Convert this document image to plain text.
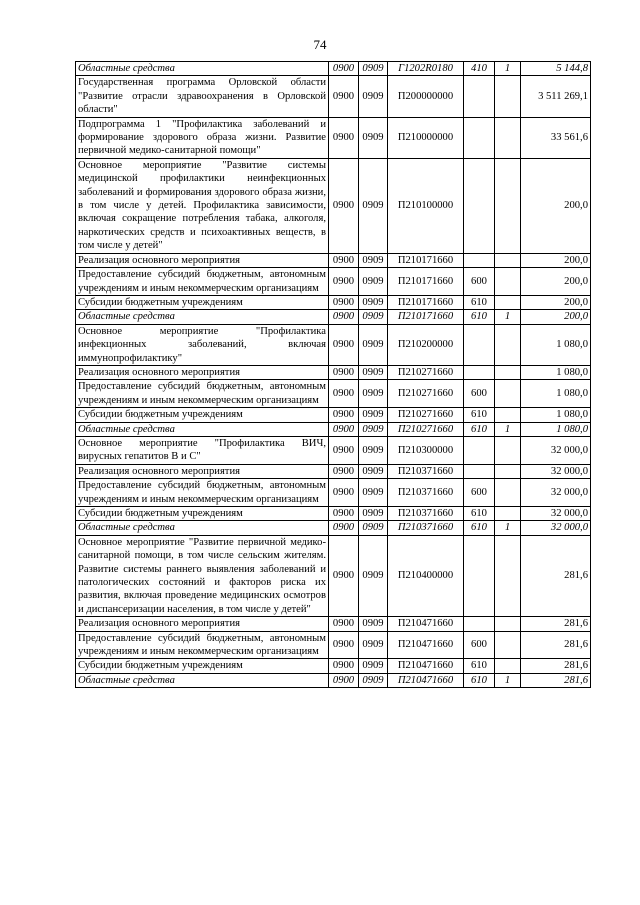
74
Областные средства	0900	0909	Г1202R0180	410	1	5 144,8
Государственная программа Орловской области "Развитие отрасли здравоохранения в Орловской области"	0900	0909	П200000000			3 511 269,1
Подпрограмма 1 "Профилактика заболеваний и формирование здорового образа жизни. Развитие первичной медико-санитарной помощи"	0900	0909	П210000000			33 561,6
Основное мероприятие "Развитие системы медицинской профилактики неинфекционных заболеваний и формирования здорового образа жизни, в том числе у детей. Профилактика зависимости, включая сокращение потребления табака, алкоголя, наркотических средств и психоактивных веществ, в том числе у детей"	0900	0909	П210100000			200,0
Реализация основного мероприятия	0900	0909	П210171660			200,0
Предоставление субсидий бюджетным, автономным учреждениям и иным некоммерческим организациям	0900	0909	П210171660	600		200,0
Субсидии бюджетным учреждениям	0900	0909	П210171660	610		200,0
Областные средства	0900	0909	П210171660	610	1	200,0
Основное мероприятие "Профилактика инфекционных заболеваний, включая иммунопрофилактику"	0900	0909	П210200000			1 080,0
Реализация основного мероприятия	0900	0909	П210271660			1 080,0
Предоставление субсидий бюджетным, автономным учреждениям и иным некоммерческим организациям	0900	0909	П210271660	600		1 080,0
Субсидии бюджетным учреждениям	0900	0909	П210271660	610		1 080,0
Областные средства	0900	0909	П210271660	610	1	1 080,0
Основное мероприятие "Профилактика ВИЧ, вирусных гепатитов В и С"	0900	0909	П210300000			32 000,0
Реализация основного мероприятия	0900	0909	П210371660			32 000,0
Предоставление субсидий бюджетным, автономным учреждениям и иным некоммерческим организациям	0900	0909	П210371660	600		32 000,0
Субсидии бюджетным учреждениям	0900	0909	П210371660	610		32 000,0
Областные средства	0900	0909	П210371660	610	1	32 000,0
Основное мероприятие "Развитие первичной медико-санитарной помощи, в том числе сельским жителям. Развитие системы раннего выявления заболеваний и патологических состояний и факторов риска их развития, включая проведение медицинских осмотров и диспансеризации населения, в том числе у детей"	0900	0909	П210400000			281,6
Реализация основного мероприятия	0900	0909	П210471660			281,6
Предоставление субсидий бюджетным, автономным учреждениям и иным некоммерческим организациям	0900	0909	П210471660	600		281,6
Субсидии бюджетным учреждениям	0900	0909	П210471660	610		281,6
Областные средства	0900	0909	П210471660	610	1	281,6
